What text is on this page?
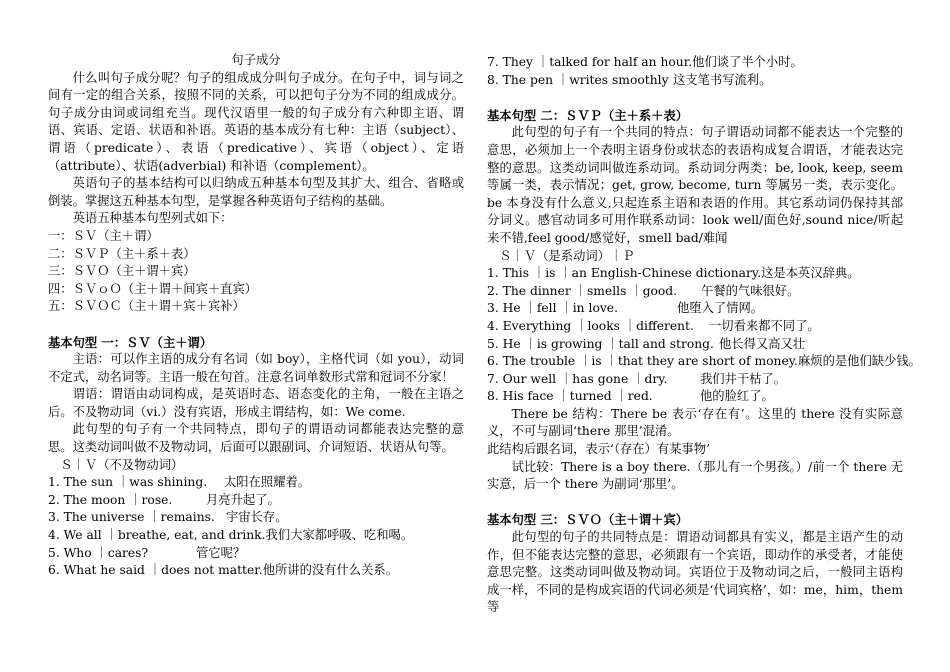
句子成分

什么叫句子成分呢？句子的组成成分叫句子成分。在句子中，词与词之间有一定的组合关系，按照不同的关系，可以把句子分为不同的组成成分。句子成分由词或词组充当。现代汉语里一般的句子成分有六种即主语、谓语、宾语、定语、状语和补语。英语的基本成分有七种：主语（subject）、谓语（predicate）、表语（predicative）、宾语（object）、定语（attribute）、状语(adverbial) 和补语（complement）。

英语句子的基本结构可以归纳成五种基本句型及其扩大、组合、省略或倒装。掌握这五种基本句型，是掌握各种英语句子结构的基础。

英语五种基本句型列式如下：

一：ＳＶ（主＋谓）

二：ＳＶＰ（主＋系＋表）

三：ＳＶＯ（主＋谓＋宾）

四：ＳＶｏＯ（主＋谓＋间宾＋直宾）

五：ＳＶＯＣ（主＋谓＋宾＋宾补）

基本句型 一：ＳＶ（主＋谓）

主语：可以作主语的成分有名词（如 boy），主格代词（如 you），动词不定式，动名词等。主语一般在句首。注意名词单数形式常和冠词不分家！

谓语：谓语由动词构成，是英语时态、语态变化的主角，一般在主语之后。不及物动词（vi.）没有宾语，形成主谓结构，如：We come.

此句型的句子有一个共同特点，即句子的谓语动词都能表达完整的意思。这类动词叫做不及物动词，后面可以跟副词、介词短语、状语从句等。

Ｓ｜Ｖ（不及物动词）

1. The sun ｜was shining. 太阳在照耀着。

2. The moon ｜rose.	月亮升起了。

3. The universe ｜remains. 宇宙长存。

4. We all ｜breathe, eat, and drink.我们大家都呼吸、吃和喝。

5. Who ｜cares?	管它呢？

6. What he said ｜does not matter.他所讲的没有什么关系。

7. They ｜talked for half an hour.他们谈了半个小时。

8. The pen ｜writes smoothly 这支笔书写流利。

基本句型 二：ＳＶＰ（主＋系＋表）

此句型的句子有一个共同的特点：句子谓语动词都不能表达一个完整的意思，必须加上一个表明主语身份或状态的表语构成复合谓语，才能表达完整的意思。这类动词叫做连系动词。系动词分两类：be, look, keep, seem 等属一类，表示情况；get, grow, become, turn 等属另一类，表示变化。be 本身没有什么意义,只起连系主语和表语的作用。其它系动词仍保持其部分词义。感官动词多可用作联系动词：look well/面色好,sound nice/听起来不错,feel good/感觉好，smell bad/难闻

Ｓ｜Ｖ（是系动词）｜Ｐ

1. This ｜is ｜an English-Chinese dictionary.这是本英汉辞典。

2. The dinner ｜smells ｜good. 午餐的气味很好。

3. He ｜fell ｜in love.	他堕入了情网。

4. Everything ｜looks ｜different. 一切看来都不同了。

5. He ｜is growing ｜tall and strong. 他长得又高又壮

6. The trouble ｜is ｜that they are short of money.麻烦的是他们缺少钱。

7. Our well ｜has gone ｜dry.	我们井干枯了。

8. His face ｜turned ｜red.	他的脸红了。

There be 结构：There be 表示‘存在有’。这里的 there 没有实际意义，不可与副词‘there 那里’混淆。

此结构后跟名词，表示‘（存在）有某事物’

试比较：There is a boy there.（那儿有一个男孩。）/前一个 there 无实意，后一个 there 为副词‘那里’。

基本句型 三：ＳＶＯ（主＋谓＋宾）

此句型的句子的共同特点是：谓语动词都具有实义，都是主语产生的动作，但不能表达完整的意思，必须跟有一个宾语，即动作的承受者，才能使意思完整。这类动词叫做及物动词。宾语位于及物动词之后，一般同主语构成一样，不同的是构成宾语的代词必须是‘代词宾格’，如：me，him，them 等
